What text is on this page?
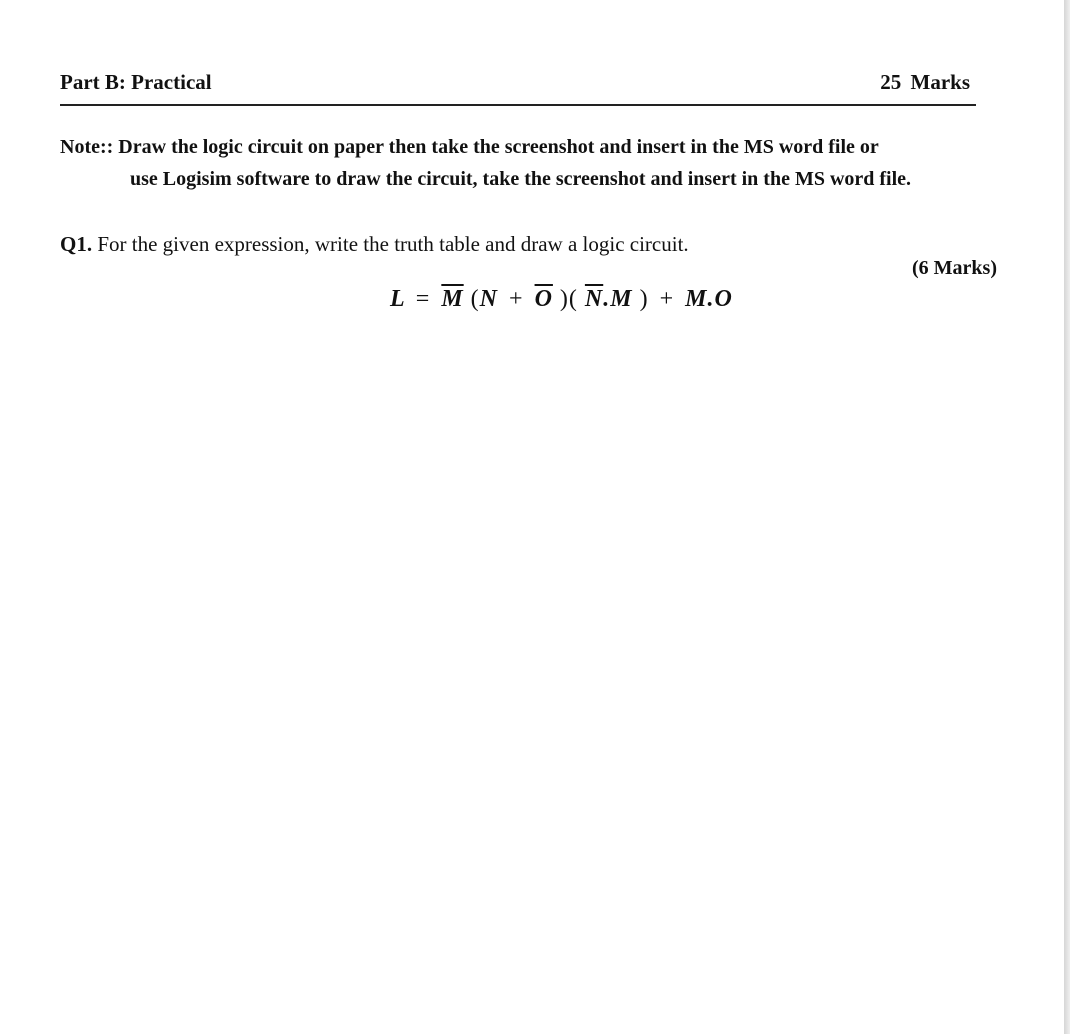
Part B: Practical	25 Marks
Note:: Draw the logic circuit on paper then take the screenshot and insert in the MS word file or
use Logisim software to draw the circuit, take the screenshot and insert in the MS word file.
Q1. For the given expression, write the truth table and draw a logic circuit.
(6 Marks)
$L = \overline{M}$ ($N + \overline{O}$ )( $\overline{N}.M$ ) + M.O
